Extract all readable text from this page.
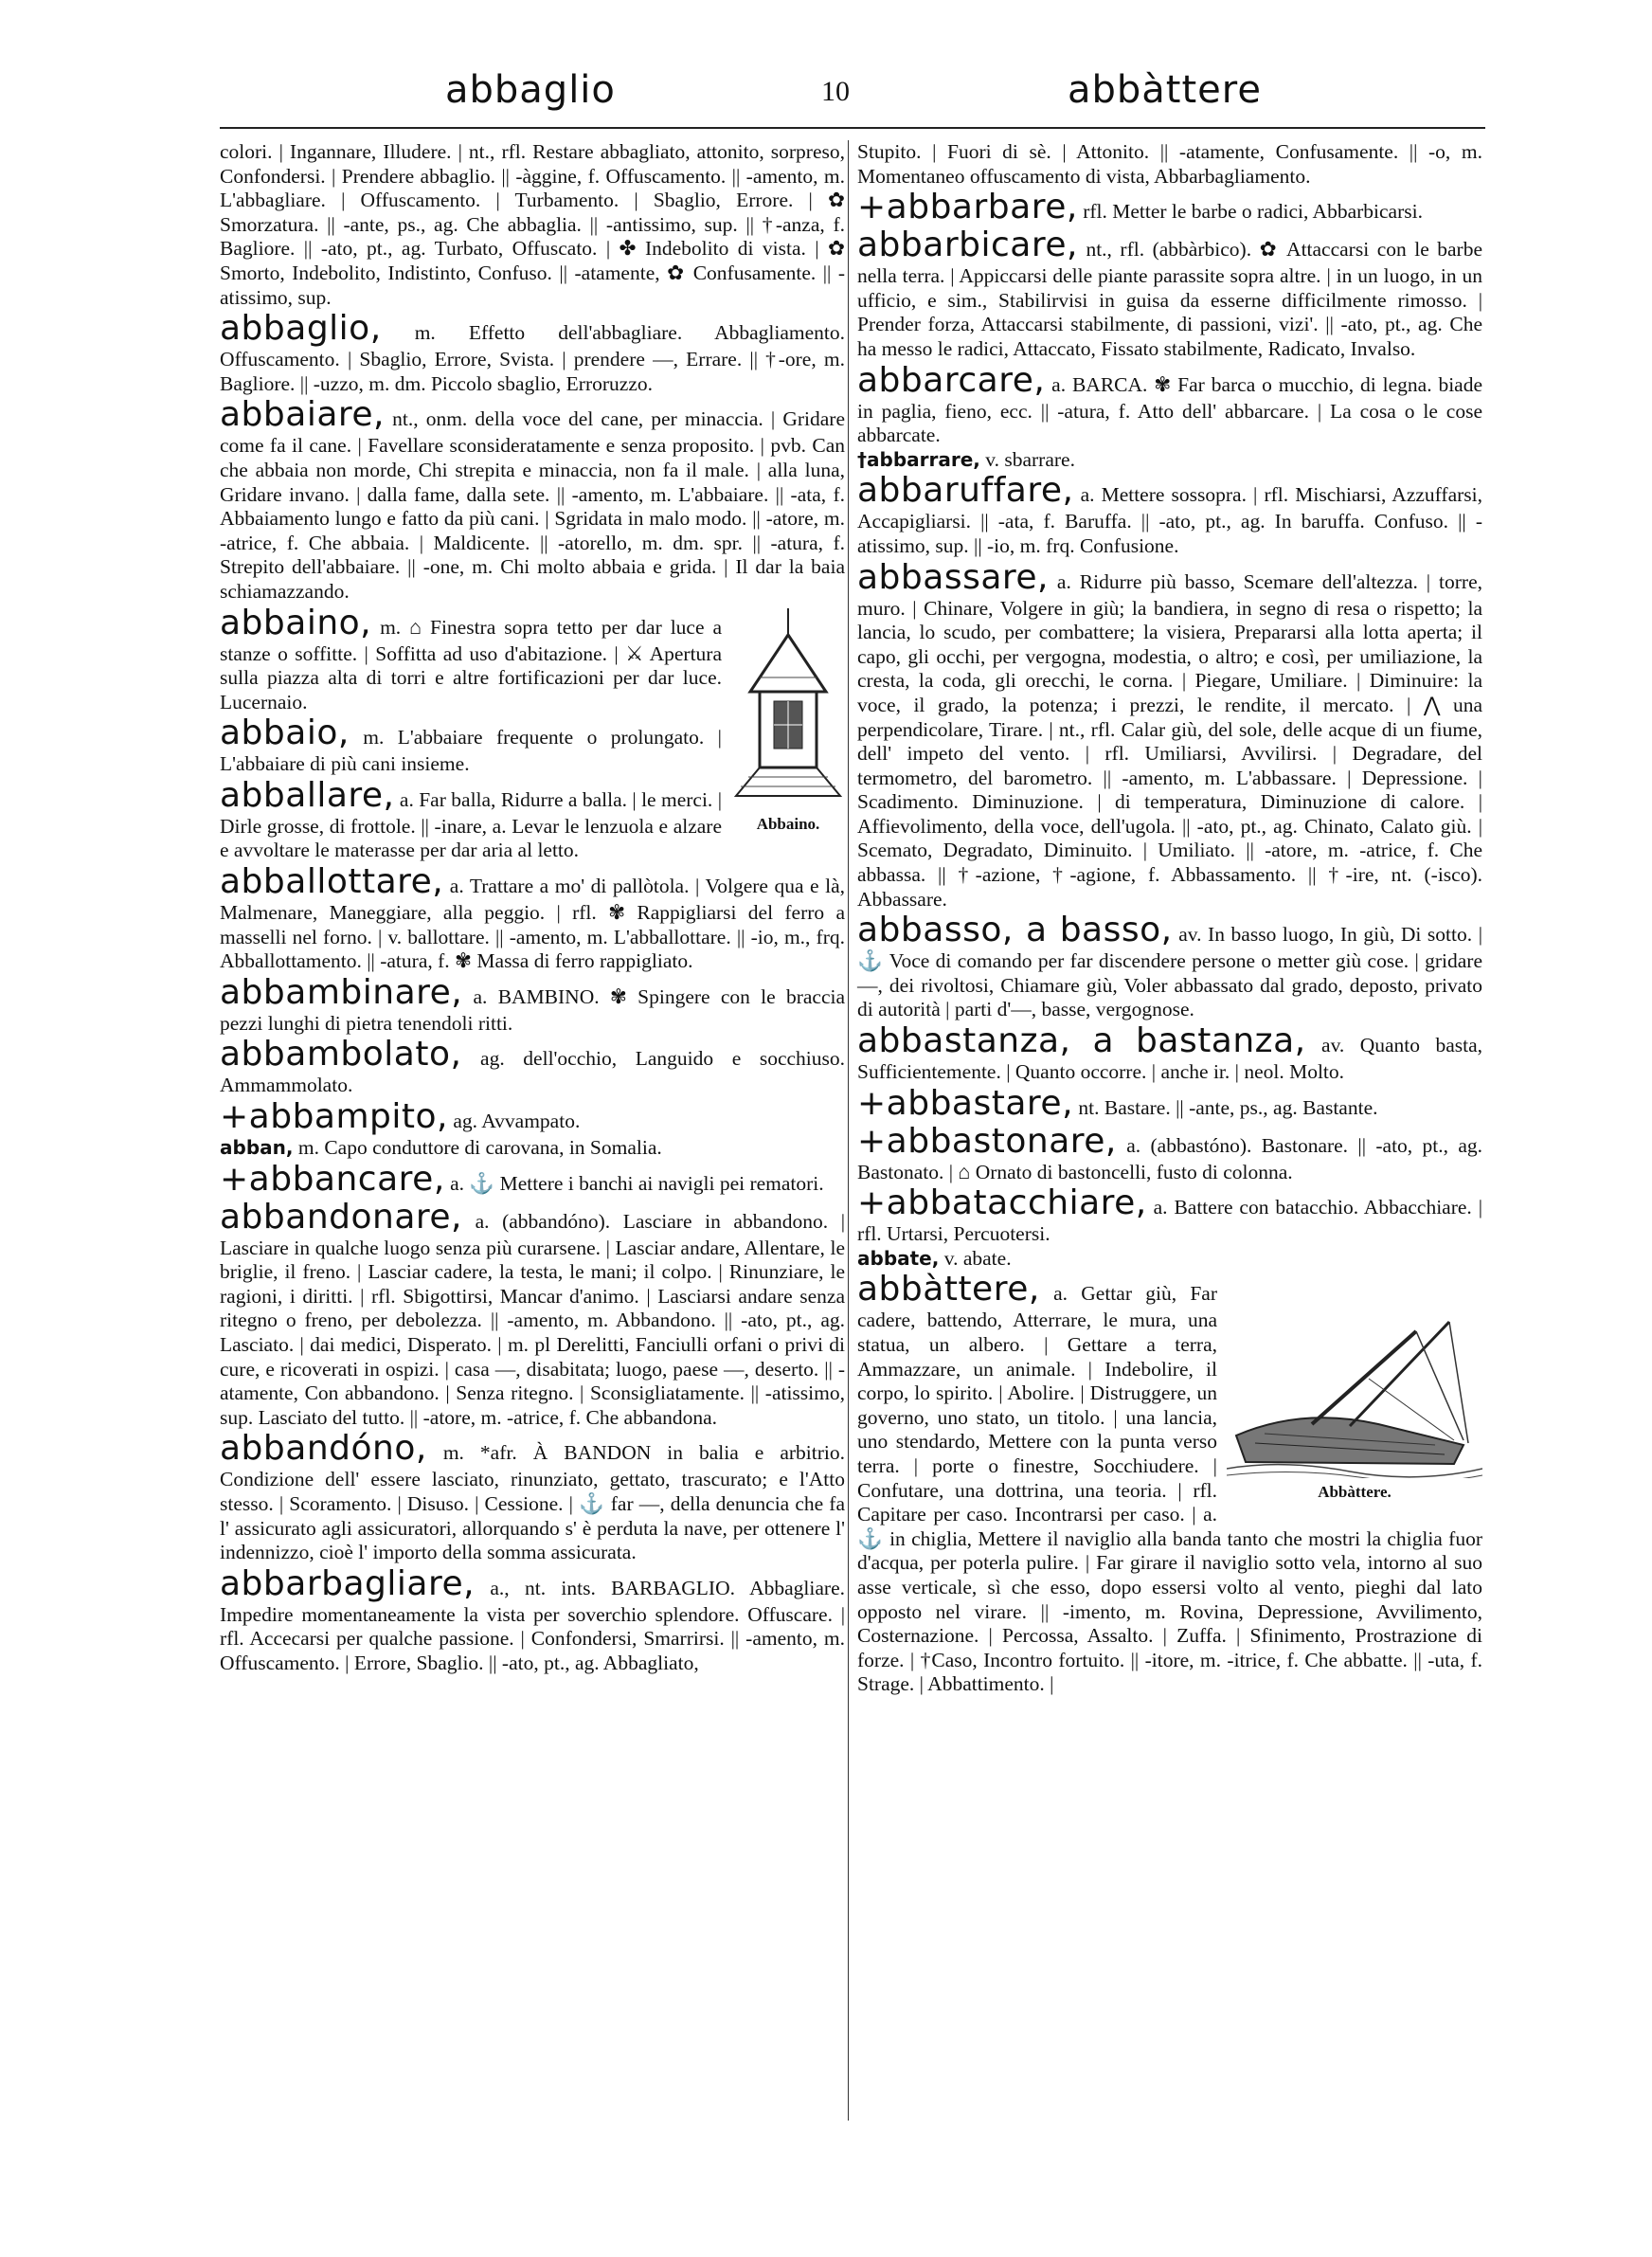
abbaglio	10	abbàttere

colori. | Ingannare, Illudere. | nt., rfl. Restare abbagliato, attonito, sorpreso, Confondersi. | Prendere abbaglio. || -àggine, f. Offuscamento. || -amento, m. L'abbagliare. | Offuscamento. | Turbamento. | Sbaglio, Errore. | ✿ Smorzatura. || -ante, ps., ag. Che abbaglia. || -antissimo, sup. || †-anza, f. Bagliore. || -ato, pt., ag. Turbato, Offuscato. | ✤ Indebolito di vista. | ✿ Smorto, Indebolito, Indistinto, Confuso. || -atamente, ✿ Confusamente. || -atissimo, sup.

abbaglio, m. Effetto dell'abbagliare. Abbagliamento. Offuscamento. | Sbaglio, Errore, Svista. | prendere —, Errare. || †-ore, m. Bagliore. || -uzzo, m. dm. Piccolo sbaglio, Erroruzzo.

abbaiare, nt., onm. della voce del cane, per minaccia. | Gridare come fa il cane. | Favellare sconsideratamente e senza proposito. | pvb. Can che abbaia non morde, Chi strepita e minaccia, non fa il male. | alla luna, Gridare invano. | dalla fame, dalla sete. || -amento, m. L'abbaiare. || -ata, f. Abbaiamento lungo e fatto da più cani. | Sgridata in malo modo. || -atore, m. -atrice, f. Che abbaia. | Maldicente. || -atorello, m. dm. spr. || -atura, f. Strepito dell'abbaiare. || -one, m. Chi molto abbaia e grida. | Il dar la baia schiamazzando.

Abbaino.

abbaino, m. ⌂ Finestra sopra tetto per dar luce a stanze o soffitte. | Soffitta ad uso d'abitazione. | ⚔ Apertura sulla piazza alta di torri e altre fortificazioni per dar luce. Lucernaio.

abbaio, m. L'abbaiare frequente o prolungato. | L'abbaiare di più cani insieme.

abballare, a. Far balla, Ridurre a balla. | le merci. | Dirle grosse, di frottole. || -inare, a. Levar le lenzuola e alzare e avvoltare le materasse per dar aria al letto.

abballottare, a. Trattare a mo' di pallòtola. | Volgere qua e là, Malmenare, Maneggiare, alla peggio. | rfl. ✾ Rappigliarsi del ferro a masselli nel forno. | v. ballottare. || -amento, m. L'abballottare. || -io, m., frq. Abballottamento. || -atura, f. ✾ Massa di ferro rappigliato.

abbambinare, a. BAMBINO. ✾ Spingere con le braccia pezzi lunghi di pietra tenendoli ritti.

abbambolato, ag. dell'occhio, Languido e socchiuso. Ammammolato.

+abbampito, ag. Avvampato.

abban, m. Capo conduttore di carovana, in Somalia.

+abbancare, a. ⚓ Mettere i banchi ai navigli pei rematori.

abbandonare, a. (abbandóno). Lasciare in abbandono. | Lasciare in qualche luogo senza più curarsene. | Lasciar andare, Allentare, le briglie, il freno. | Lasciar cadere, la testa, le mani; il colpo. | Rinunziare, le ragioni, i diritti. | rfl. Sbigottirsi, Mancar d'animo. | Lasciarsi andare senza ritegno o freno, per debolezza. || -amento, m. Abbandono. || -ato, pt., ag. Lasciato. | dai medici, Disperato. | m. pl Derelitti, Fanciulli orfani o privi di cure, e ricoverati in ospizi. | casa —, disabitata; luogo, paese —, deserto. || -atamente, Con abbandono. | Senza ritegno. | Sconsigliatamente. || -atissimo, sup. Lasciato del tutto. || -atore, m. -atrice, f. Che abbandona.

abbandóno, m. *afr. À BANDON in balia e arbitrio. Condizione dell' essere lasciato, rinunziato, gettato, trascurato; e l'Atto stesso. | Scoramento. | Disuso. | Cessione. | ⚓ far —, della denuncia che fa l' assicurato agli assicuratori, allorquando s' è perduta la nave, per ottenere l' indennizzo, cioè l' importo della somma assicurata.

abbarbagliare, a., nt. ints. BARBAGLIO. Abbagliare. Impedire momentaneamente la vista per soverchio splendore. Offuscare. | rfl. Accecarsi per qualche passione. | Confondersi, Smarrirsi. || -amento, m. Offuscamento. | Errore, Sbaglio. || -ato, pt., ag. Abbagliato,

Stupito. | Fuori di sè. | Attonito. || -atamente, Confusamente. || -o, m. Momentaneo offuscamento di vista, Abbarbagliamento.

+abbarbare, rfl. Metter le barbe o radici, Abbarbicarsi.

abbarbicare, nt., rfl. (abbàrbico). ✿ Attaccarsi con le barbe nella terra. | Appiccarsi delle piante parassite sopra altre. | in un luogo, in un ufficio, e sim., Stabilirvisi in guisa da esserne difficilmente rimosso. | Prender forza, Attaccarsi stabilmente, di passioni, vizi'. || -ato, pt., ag. Che ha messo le radici, Attaccato, Fissato stabilmente, Radicato, Invalso.

abbarcare, a. BARCA. ✾ Far barca o mucchio, di legna. biade in paglia, fieno, ecc. || -atura, f. Atto dell' abbarcare. | La cosa o le cose abbarcate.

†abbarrare, v. sbarrare.

abbaruffare, a. Mettere sossopra. | rfl. Mischiarsi, Azzuffarsi, Accapigliarsi. || -ata, f. Baruffa. || -ato, pt., ag. In baruffa. Confuso. || -atissimo, sup. || -io, m. frq. Confusione.

abbassare, a. Ridurre più basso, Scemare dell'altezza. | torre, muro. | Chinare, Volgere in giù; la bandiera, in segno di resa o rispetto; la lancia, lo scudo, per combattere; la visiera, Prepararsi alla lotta aperta; il capo, gli occhi, per vergogna, modestia, o altro; e così, per umiliazione, la cresta, la coda, gli orecchi, le corna. | Piegare, Umiliare. | Diminuire: la voce, il grado, la potenza; i prezzi, le rendite, il mercato. | ⋀ una perpendicolare, Tirare. | nt., rfl. Calar giù, del sole, delle acque di un fiume, dell' impeto del vento. | rfl. Umiliarsi, Avvilirsi. | Degradare, del termometro, del barometro. || -amento, m. L'abbassare. | Depressione. | Scadimento. Diminuzione. | di temperatura, Diminuzione di calore. | Affievolimento, della voce, dell'ugola. || -ato, pt., ag. Chinato, Calato giù. | Scemato, Degradato, Diminuito. | Umiliato. || -atore, m. -atrice, f. Che abbassa. || †-azione, †-agione, f. Abbassamento. || †-ire, nt. (-isco). Abbassare.

abbasso, a basso, av. In basso luogo, In giù, Di sotto. | ⚓ Voce di comando per far discendere persone o metter giù cose. | gridare —, dei rivoltosi, Chiamare giù, Voler abbassato dal grado, deposto, privato di autorità | parti d'—, basse, vergognose.

abbastanza, a bastanza, av. Quanto basta, Sufficientemente. | Quanto occorre. | anche ir. | neol. Molto.

+abbastare, nt. Bastare. || -ante, ps., ag. Bastante.

+abbastonare, a. (abbastóno). Bastonare. || -ato, pt., ag. Bastonato. | ⌂ Ornato di bastoncelli, fusto di colonna.

+abbatacchiare, a. Battere con batacchio. Abbacchiare. | rfl. Urtarsi, Percuotersi.

abbate, v. abate.

Abbàttere.

abbàttere, a. Gettar giù, Far cadere, battendo, Atterrare, le mura, una statua, un albero. | Gettare a terra, Ammazzare, un animale. | Indebolire, il corpo, lo spirito. | Abolire. | Distruggere, un governo, uno stato, un titolo. | una lancia, uno stendardo, Mettere con la punta verso terra. | porte o finestre, Socchiudere. | Confutare, una dottrina, una teoria. | rfl. Capitare per caso. Incontrarsi per caso. | a. ⚓ in chiglia, Mettere il naviglio alla banda tanto che mostri la chiglia fuor d'acqua, per poterla pulire. | Far girare il naviglio sotto vela, intorno al suo asse verticale, sì che esso, dopo essersi volto al vento, pieghi dal lato opposto nel virare. || -imento, m. Rovina, Depressione, Avvilimento, Costernazione. | Percossa, Assalto. | Zuffa. | Sfinimento, Prostrazione di forze. | †Caso, Incontro fortuito. || -itore, m. -itrice, f. Che abbatte. || -uta, f. Strage. | Abbattimento. |
